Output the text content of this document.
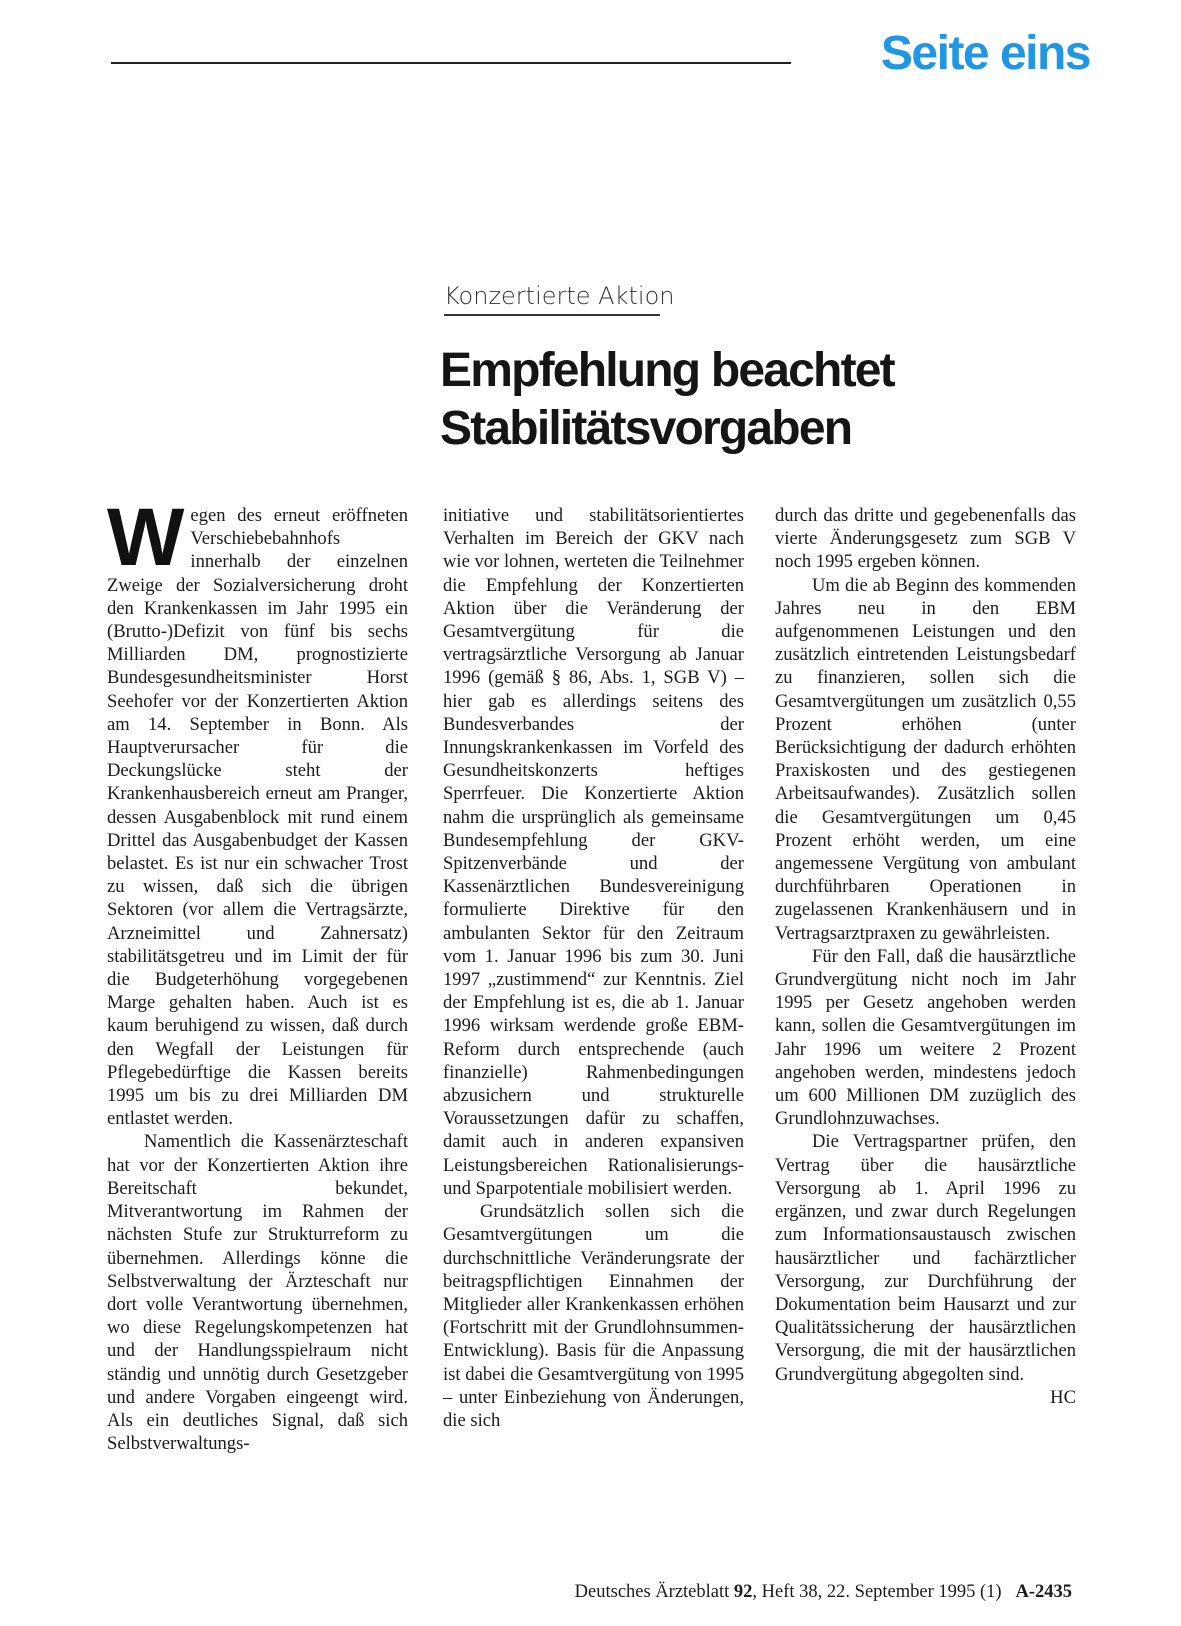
Seite eins
Konzertierte Aktion
Empfehlung beachtet
Stabilitätsvorgaben

Wegen des erneut eröffneten Verschiebebahnhofs innerhalb der einzelnen Zweige der Sozialversicherung droht den Krankenkassen im Jahr 1995 ein (Brutto-)Defizit von fünf bis sechs Milliarden DM, prognostizierte Bundesgesundheitsminister Horst Seehofer vor der Konzertierten Aktion am 14. September in Bonn. Als Hauptverursacher für die Deckungslücke steht der Krankenhausbereich erneut am Pranger, dessen Ausgabenblock mit rund einem Drittel das Ausgabenbudget der Kassen belastet. Es ist nur ein schwacher Trost zu wissen, daß sich die übrigen Sektoren (vor allem die Vertragsärzte, Arzneimittel und Zahnersatz) stabilitätsgetreu und im Limit der für die Budgeterhöhung vorgegebenen Marge gehalten haben. Auch ist es kaum beruhigend zu wissen, daß durch den Wegfall der Leistungen für Pflegebedürftige die Kassen bereits 1995 um bis zu drei Milliarden DM entlastet werden.

Namentlich die Kassenärzteschaft hat vor der Konzertierten Aktion ihre Bereitschaft bekundet, Mitverantwortung im Rahmen der nächsten Stufe zur Strukturreform zu übernehmen. Allerdings könne die Selbstverwaltung der Ärzteschaft nur dort volle Verantwortung übernehmen, wo diese Regelungskompetenzen hat und der Handlungsspielraum nicht ständig und unnötig durch Gesetzgeber und andere Vorgaben eingeengt wird. Als ein deutliches Signal, daß sich Selbstverwaltungs-

initiative und stabilitätsorientiertes Verhalten im Bereich der GKV nach wie vor lohnen, werteten die Teilnehmer die Empfehlung der Konzertierten Aktion über die Veränderung der Gesamtvergütung für die vertragsärztliche Versorgung ab Januar 1996 (gemäß § 86, Abs. 1, SGB V) – hier gab es allerdings seitens des Bundesverbandes der Innungskrankenkassen im Vorfeld des Gesundheitskonzerts heftiges Sperrfeuer. Die Konzertierte Aktion nahm die ursprünglich als gemeinsame Bundesempfehlung der GKV-Spitzenverbände und der Kassenärztlichen Bundesvereinigung formulierte Direktive für den ambulanten Sektor für den Zeitraum vom 1. Januar 1996 bis zum 30. Juni 1997 „zustimmend“ zur Kenntnis. Ziel der Empfehlung ist es, die ab 1. Januar 1996 wirksam werdende große EBM-Reform durch entsprechende (auch finanzielle) Rahmenbedingungen abzusichern und strukturelle Voraussetzungen dafür zu schaffen, damit auch in anderen expansiven Leistungsbereichen Rationalisierungs- und Sparpotentiale mobilisiert werden.

Grundsätzlich sollen sich die Gesamtvergütungen um die durchschnittliche Veränderungsrate der beitragspflichtigen Einnahmen der Mitglieder aller Krankenkassen erhöhen (Fortschritt mit der Grundlohnsummen-Entwicklung). Basis für die Anpassung ist dabei die Gesamtvergütung von 1995 – unter Einbeziehung von Änderungen, die sich

durch das dritte und gegebenenfalls das vierte Änderungsgesetz zum SGB V noch 1995 ergeben können.

Um die ab Beginn des kommenden Jahres neu in den EBM aufgenommenen Leistungen und den zusätzlich eintretenden Leistungsbedarf zu finanzieren, sollen sich die Gesamtvergütungen um zusätzlich 0,55 Prozent erhöhen (unter Berücksichtigung der dadurch erhöhten Praxiskosten und des gestiegenen Arbeitsaufwandes). Zusätzlich sollen die Gesamtvergütungen um 0,45 Prozent erhöht werden, um eine angemessene Vergütung von ambulant durchführbaren Operationen in zugelassenen Krankenhäusern und in Vertragsarztpraxen zu gewährleisten.

Für den Fall, daß die hausärztliche Grundvergütung nicht noch im Jahr 1995 per Gesetz angehoben werden kann, sollen die Gesamtvergütungen im Jahr 1996 um weitere 2 Prozent angehoben werden, mindestens jedoch um 600 Millionen DM zuzüglich des Grundlohnzuwachses.

Die Vertragspartner prüfen, den Vertrag über die hausärztliche Versorgung ab 1. April 1996 zu ergänzen, und zwar durch Regelungen zum Informationsaustausch zwischen hausärztlicher und fachärztlicher Versorgung, zur Durchführung der Dokumentation beim Hausarzt und zur Qualitätssicherung der hausärztlichen Versorgung, die mit der hausärztlichen Grundvergütung abgegolten sind.

HC
Deutsches Ärzteblatt 92, Heft 38, 22. September 1995 (1) A-2435
